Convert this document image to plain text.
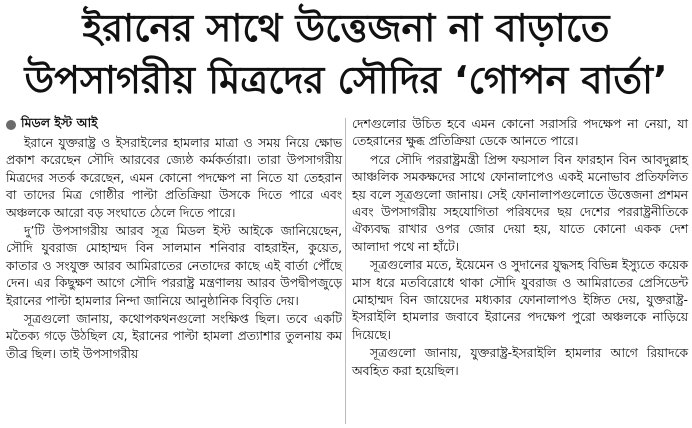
ইরানের সাথে উত্তেজনা না বাড়াতে
উপসাগরীয় মিত্রদের সৌদির ‘গোপন বার্তা’
মিডল ইস্ট আই

ইরানে যুক্তরাষ্ট্র ও ইসরাইলের হামলার মাত্রা ও সময় নিয়ে ক্ষোভ প্রকাশ করেছেন সৌদি আরবের জ্যেষ্ঠ কর্মকর্তারা। তারা উপসাগরীয় মিত্রদের সতর্ক করেছেন, এমন কোনো পদক্ষেপ না নিতে যা তেহরান বা তাদের মিত্র গোষ্ঠীর পাল্টা প্রতিক্রিয়া উসকে দিতে পারে এবং অঞ্চলকে আরো বড় সংঘাতে ঠেলে দিতে পারে।

দু’টি উপসাগরীয় আরব সূত্র মিডল ইস্ট আইকে জানিয়েছেন, সৌদি যুবরাজ মোহাম্মদ বিন সালমান শনিবার বাহরাইন, কুয়েত, কাতার ও সংযুক্ত আরব আমিরাতের নেতাদের কাছে এই বার্তা পৌঁছে দেন। এর কিছুক্ষণ আগে সৌদি পররাষ্ট্র মন্ত্রণালয় আরব উপদ্বীপজুড়ে ইরানের পাল্টা হামলার নিন্দা জানিয়ে আনুষ্ঠানিক বিবৃতি দেয়।

সূত্রগুলো জানায়, কথোপকথনগুলো সংক্ষিপ্ত ছিল। তবে একটি মতৈক্য গড়ে উঠছিল যে, ইরানের পাল্টা হামলা প্রত্যাশার তুলনায় কম তীব্র ছিল। তাই উপসাগরীয়

দেশগুলোর উচিত হবে এমন কোনো সরাসরি পদক্ষেপ না নেয়া, যা তেহরানের ক্ষুব্ধ প্রতিক্রিয়া ডেকে আনতে পারে।

পরে সৌদি পররাষ্ট্রমন্ত্রী প্রিন্স ফয়সাল বিন ফারহান বিন আবদুল্লাহ আঞ্চলিক সমকক্ষদের সাথে ফোনালাপেও একই মনোভাব প্রতিফলিত হয় বলে সূত্রগুলো জানায়। সেই ফোনালাপগুলোতে উত্তেজনা প্রশমন এবং উপসাগরীয় সহযোগিতা পরিষদের ছয় দেশের পররাষ্ট্রনীতিকে ঐক্যবদ্ধ রাখার ওপর জোর দেয়া হয়, যাতে কোনো একক দেশ আলাদা পথে না হাঁটে।

সূত্রগুলোর মতে, ইয়েমেন ও সুদানের যুদ্ধসহ বিভিন্ন ইস্যুতে কয়েক মাস ধরে মতবিরোধে থাকা সৌদি যুবরাজ ও আমিরাতের প্রেসিডেন্ট মোহাম্মদ বিন জায়েদের মধ্যকার ফোনালাপও ইঙ্গিত দেয়, যুক্তরাষ্ট্র-ইসরাইলি হামলার জবাবে ইরানের পদক্ষেপ পুরো অঞ্চলকে নাড়িয়ে দিয়েছে।

সূত্রগুলো জানায়, যুক্তরাষ্ট্র-ইসরাইলি হামলার আগে রিয়াদকে অবহিত করা হয়েছিল।
